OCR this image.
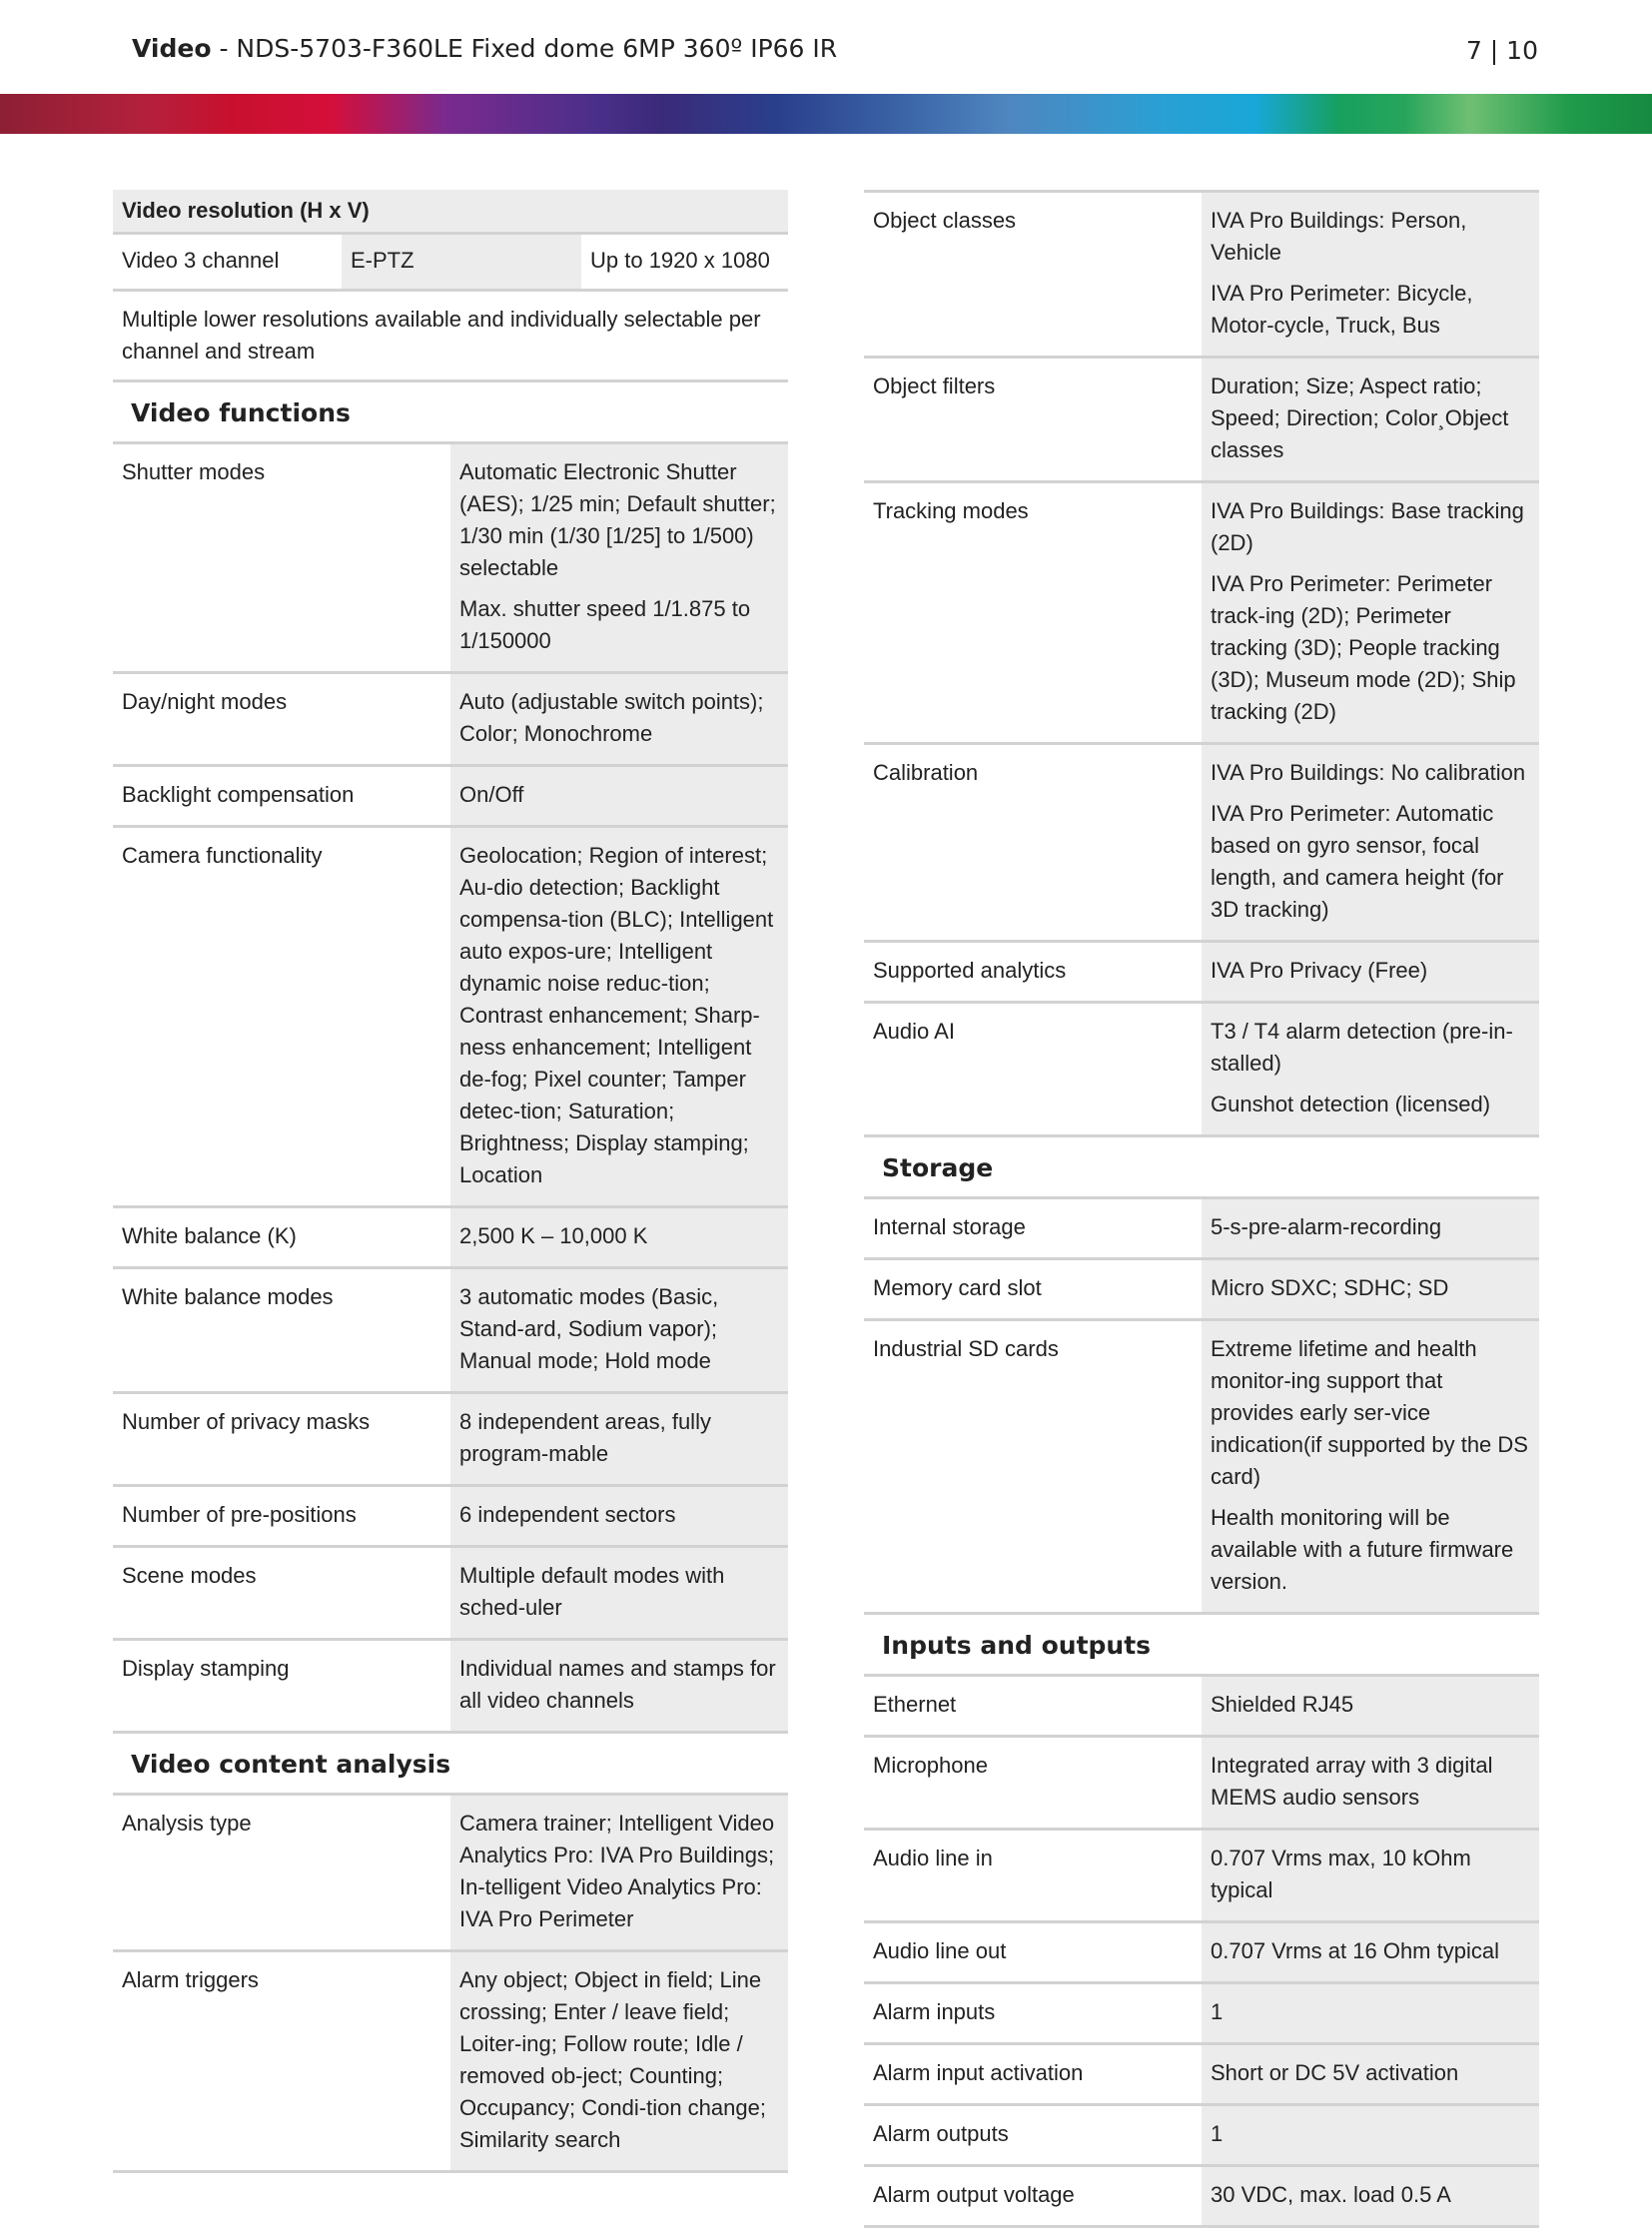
Video - NDS-5703-F360LE Fixed dome 6MP 360º IP66 IR	7 | 10
Video resolution (H x V)
Video 3 channel	E-PTZ	Up to 1920 x 1080
Multiple lower resolutions available and individually selectable per channel and stream
Video functions
Shutter modes	Automatic Electronic Shutter (AES); 1/25 min; Default shutter; 1/30 min (1/30 [1/25] to 1/500) selectable

Max. shutter speed 1/1.875 to 1/150000

Day/night modes	Auto (adjustable switch points); Color; Monochrome

Backlight compensation	On/Off

Camera functionality	Geolocation; Region of interest; Au-dio detection; Backlight compensa-tion (BLC); Intelligent auto expos-ure; Intelligent dynamic noise reduc-tion; Contrast enhancement; Sharp-ness enhancement; Intelligent de-fog; Pixel counter; Tamper detec-tion; Saturation; Brightness; Display stamping; Location

White balance (K)	2,500 K – 10,000 K

White balance modes	3 automatic modes (Basic, Stand-ard, Sodium vapor); Manual mode; Hold mode

Number of privacy masks	8 independent areas, fully program-mable

Number of pre-positions	6 independent sectors

Scene modes	Multiple default modes with sched-uler

Display stamping	Individual names and stamps for all video channels

Video content analysis
Analysis type	Camera trainer; Intelligent Video Analytics Pro: IVA Pro Buildings; In-telligent Video Analytics Pro: IVA Pro Perimeter

Alarm triggers	Any object; Object in field; Line crossing; Enter / leave field; Loiter-ing; Follow route; Idle / removed ob-ject; Counting; Occupancy; Condi-tion change; Similarity search

Object classes	IVA Pro Buildings: Person, Vehicle

IVA Pro Perimeter: Bicycle, Motor-cycle, Truck, Bus

Object filters	Duration; Size; Aspect ratio; Speed; Direction; Color¸Object classes

Tracking modes	IVA Pro Buildings: Base tracking (2D)

IVA Pro Perimeter: Perimeter track-ing (2D); Perimeter tracking (3D); People tracking (3D); Museum mode (2D); Ship tracking (2D)

Calibration	IVA Pro Buildings: No calibration

IVA Pro Perimeter: Automatic based on gyro sensor, focal length, and camera height (for 3D tracking)

Supported analytics	IVA Pro Privacy (Free)

Audio AI	T3 / T4 alarm detection (pre-in-stalled)

Gunshot detection (licensed)

Storage
Internal storage	5-s-pre-alarm-recording

Memory card slot	Micro SDXC; SDHC; SD

Industrial SD cards	Extreme lifetime and health monitor-ing support that provides early ser-vice indication(if supported by the DS card)

Health monitoring will be available with a future firmware version.

Inputs and outputs
Ethernet	Shielded RJ45

Microphone	Integrated array with 3 digital MEMS audio sensors

Audio line in	0.707 Vrms max, 10 kOhm typical

Audio line out	0.707 Vrms at 16 Ohm typical

Alarm inputs	1

Alarm input activation	Short or DC 5V activation

Alarm outputs	1

Alarm output voltage	30 VDC, max. load 0.5 A
